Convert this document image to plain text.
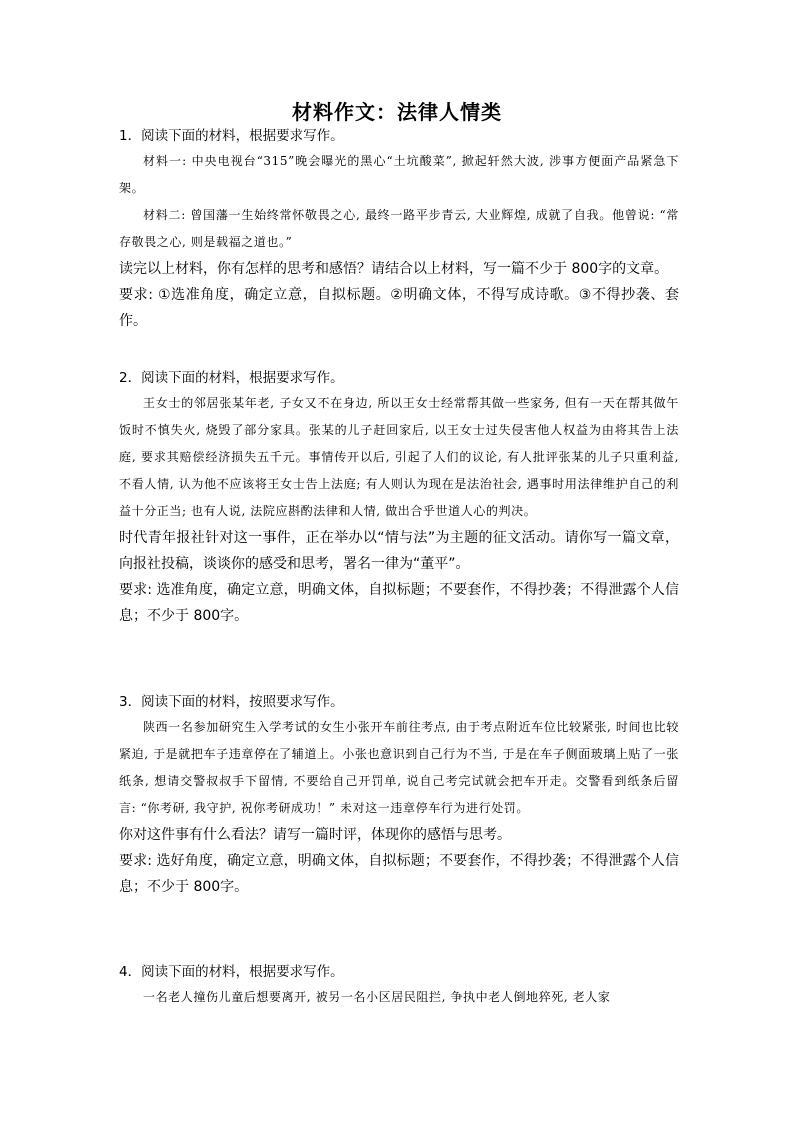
材料作文：法律人情类
1．阅读下面的材料，根据要求写作。
材料一: 中央电视台“315”晚会曝光的黑心“土坑酸菜”, 掀起轩然大波, 涉事方便面产品紧急下架。
材料二: 曾国藩一生始终常怀敬畏之心, 最终一路平步青云, 大业辉煌, 成就了自我。他曾说: “常存敬畏之心, 则是载福之道也。”
读完以上材料，你有怎样的思考和感悟？请结合以上材料，写一篇不少于 800字的文章。
要求: ①选准角度，确定立意，自拟标题。②明确文体，不得写成诗歌。③不得抄袭、套作。
2．阅读下面的材料，根据要求写作。
王女士的邻居张某年老, 子女又不在身边, 所以王女士经常帮其做一些家务, 但有一天在帮其做午饭时不慎失火, 烧毁了部分家具。张某的儿子赶回家后, 以王女士过失侵害他人权益为由将其告上法庭, 要求其赔偿经济损失五千元。事情传开以后, 引起了人们的议论, 有人批评张某的儿子只重利益, 不看人情, 认为他不应该将王女士告上法庭; 有人则认为现在是法治社会, 遇事时用法律维护自己的利益十分正当; 也有人说, 法院应斟酌法律和人情, 做出合乎世道人心的判决。
时代青年报社针对这一事件，正在举办以“情与法”为主题的征文活动。请你写一篇文章，向报社投稿，谈谈你的感受和思考，署名一律为“董平”。
要求: 选准角度，确定立意，明确文体，自拟标题；不要套作，不得抄袭；不得泄露个人信息；不少于 800字。
3．阅读下面的材料，按照要求写作。
陕西一名参加研究生入学考试的女生小张开车前往考点, 由于考点附近车位比较紧张, 时间也比较紧迫, 于是就把车子违章停在了辅道上。小张也意识到自己行为不当, 于是在车子侧面玻璃上贴了一张纸条, 想请交警叔叔手下留情, 不要给自己开罚单, 说自己考完试就会把车开走。交警看到纸条后留言: “你考研, 我守护, 祝你考研成功！” 未对这一违章停车行为进行处罚。
你对这件事有什么看法？请写一篇时评，体现你的感悟与思考。
要求: 选好角度，确定立意，明确文体，自拟标题；不要套作，不得抄袭；不得泄露个人信息；不少于 800字。
4．阅读下面的材料，根据要求写作。
一名老人撞伤儿童后想要离开, 被另一名小区居民阻拦, 争执中老人倒地猝死, 老人家
